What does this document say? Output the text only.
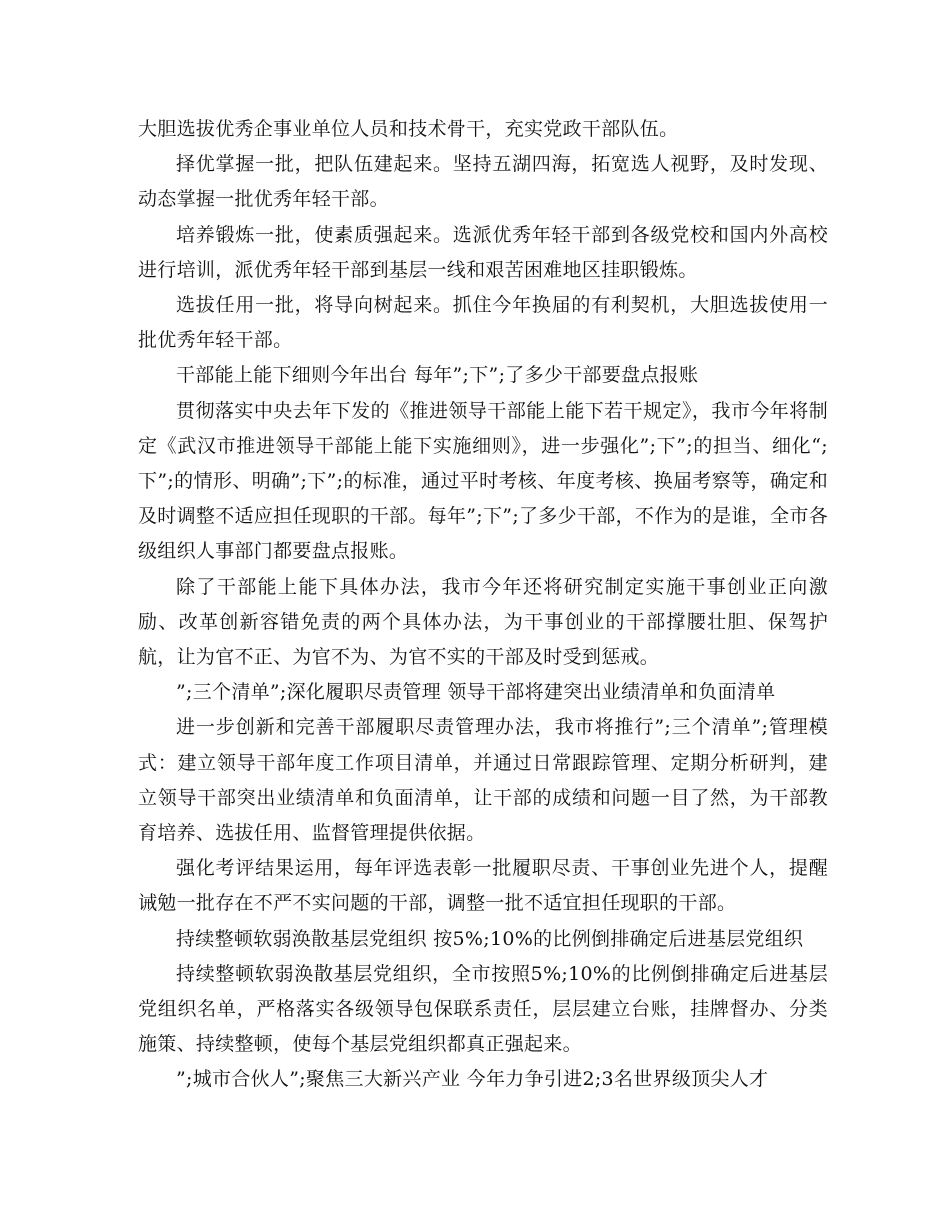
大胆选拔优秀企事业单位人员和技术骨干，充实党政干部队伍。

择优掌握一批，把队伍建起来。坚持五湖四海，拓宽选人视野，及时发现、动态掌握一批优秀年轻干部。

培养锻炼一批，使素质强起来。选派优秀年轻干部到各级党校和国内外高校进行培训，派优秀年轻干部到基层一线和艰苦困难地区挂职锻炼。

选拔任用一批，将导向树起来。抓住今年换届的有利契机，大胆选拔使用一批优秀年轻干部。

干部能上能下细则今年出台 每年”;下”;了多少干部要盘点报账

贯彻落实中央去年下发的《推进领导干部能上能下若干规定》，我市今年将制定《武汉市推进领导干部能上能下实施细则》，进一步强化”;下”;的担当、细化“;下”;的情形、明确”;下”;的标准，通过平时考核、年度考核、换届考察等，确定和及时调整不适应担任现职的干部。每年”;下”;了多少干部，不作为的是谁，全市各级组织人事部门都要盘点报账。

除了干部能上能下具体办法，我市今年还将研究制定实施干事创业正向激励、改革创新容错免责的两个具体办法，为干事创业的干部撑腰壮胆、保驾护航，让为官不正、为官不为、为官不实的干部及时受到惩戒。

”;三个清单”;深化履职尽责管理 领导干部将建突出业绩清单和负面清单

进一步创新和完善干部履职尽责管理办法，我市将推行”;三个清单”;管理模式：建立领导干部年度工作项目清单，并通过日常跟踪管理、定期分析研判，建立领导干部突出业绩清单和负面清单，让干部的成绩和问题一目了然，为干部教育培养、选拔任用、监督管理提供依据。

强化考评结果运用，每年评选表彰一批履职尽责、干事创业先进个人，提醒诫勉一批存在不严不实问题的干部，调整一批不适宜担任现职的干部。

持续整顿软弱涣散基层党组织 按5%;10%的比例倒排确定后进基层党组织

持续整顿软弱涣散基层党组织，全市按照5%;10%的比例倒排确定后进基层党组织名单，严格落实各级领导包保联系责任，层层建立台账，挂牌督办、分类施策、持续整顿，使每个基层党组织都真正强起来。

”;城市合伙人”;聚焦三大新兴产业 今年力争引进2;3名世界级顶尖人才
